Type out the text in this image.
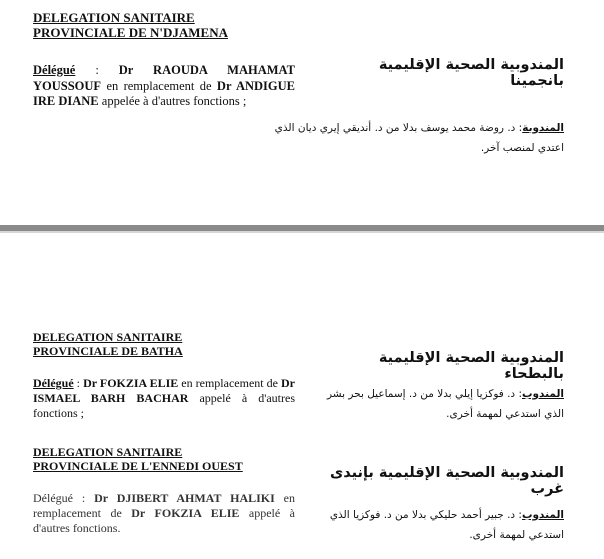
DELEGATION SANITAIRE
PROVINCIALE DE N'DJAMENA
Délégué : Dr RAOUDA MAHAMAT YOUSSOUF en remplacement de Dr ANDIGUE IRE DIANE appelée à d'autres fonctions ;
المندوبية الصحية الإقليمية بانجمينا
المندوبة: د. روضة محمد يوسف بدلا من د. أنديقي إيري ديان الذي اعتدي لمنصب آخر.
DELEGATION SANITAIRE
PROVINCIALE DE BATHA
Délégué : Dr FOKZIA ELIE en remplacement de Dr ISMAEL BARH BACHAR appelé à d'autres fonctions ;
المندوبية الصحية الإقليمية بالبطحاء
المندوب: د. فوكزيا إيلي بدلا من د. إسماعيل بحر بشر الذي استدعي لمهمة أخرى.
DELEGATION SANITAIRE
PROVINCIALE DE L'ENNEDI OUEST
Délégué : Dr DJIBERT AHMAT HALIKI en remplacement de Dr FOKZIA ELIE appelé à d'autres fonctions.
المندوبية الصحية الإقليمية بإنيدى غرب
المندوب: د. جبير أحمد حليكي بدلا من د. فوكزيا الذي استدعي لمهمة أخرى.
